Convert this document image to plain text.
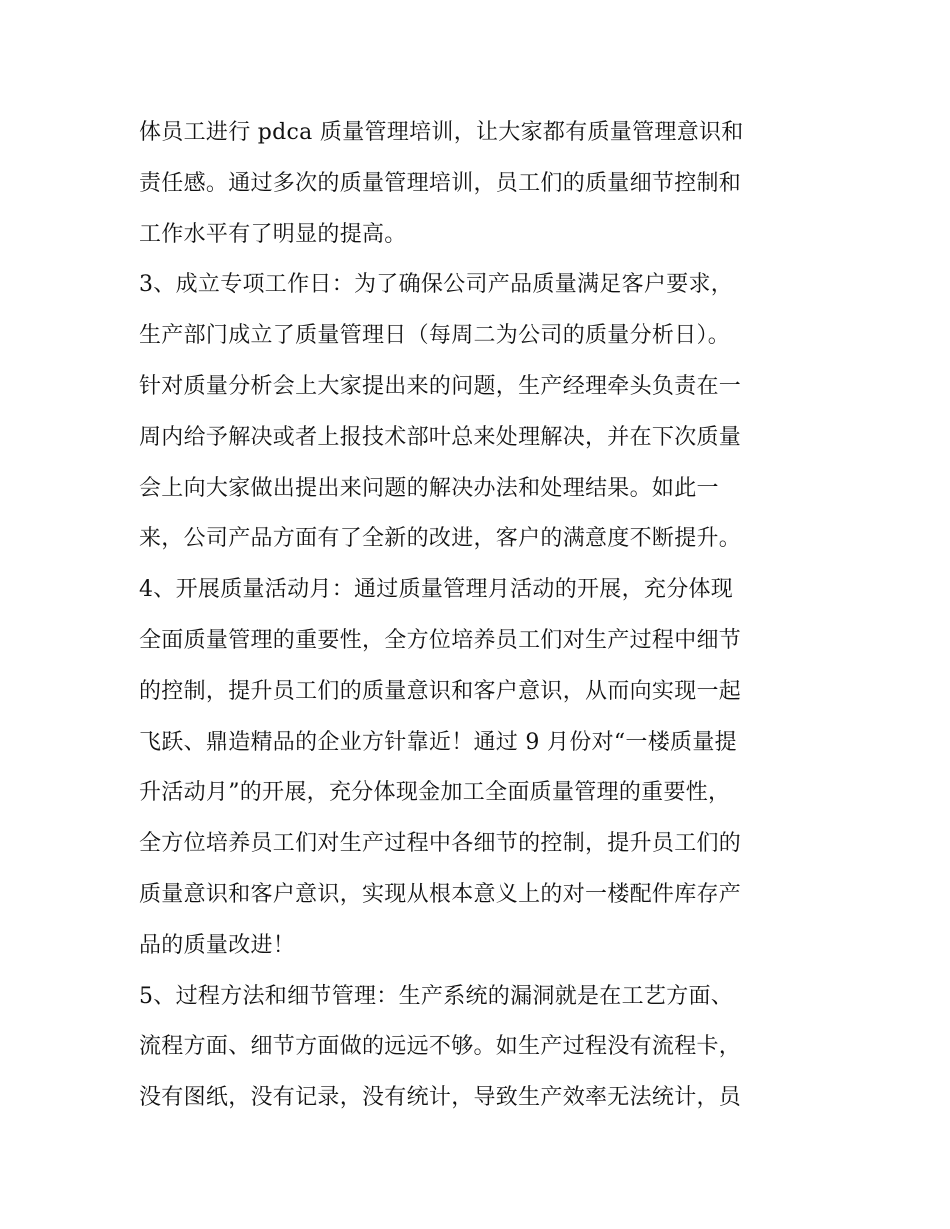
体员工进行 pdca 质量管理培训，让大家都有质量管理意识和
责任感。通过多次的质量管理培训，员工们的质量细节控制和
工作水平有了明显的提高。
3、成立专项工作日：为了确保公司产品质量满足客户要求，
生产部门成立了质量管理日（每周二为公司的质量分析日）。
针对质量分析会上大家提出来的问题，生产经理牵头负责在一
周内给予解决或者上报技术部叶总来处理解决，并在下次质量
会上向大家做出提出来问题的解决办法和处理结果。如此一
来，公司产品方面有了全新的改进，客户的满意度不断提升。
4、开展质量活动月：通过质量管理月活动的开展，充分体现
全面质量管理的重要性，全方位培养员工们对生产过程中细节
的控制，提升员工们的质量意识和客户意识，从而向实现一起
飞跃、鼎造精品的企业方针靠近！通过 9 月份对“一楼质量提
升活动月”的开展，充分体现金加工全面质量管理的重要性，
全方位培养员工们对生产过程中各细节的控制，提升员工们的
质量意识和客户意识，实现从根本意义上的对一楼配件库存产
品的质量改进！
5、过程方法和细节管理：生产系统的漏洞就是在工艺方面、
流程方面、细节方面做的远远不够。如生产过程没有流程卡，
没有图纸，没有记录，没有统计，导致生产效率无法统计，员
